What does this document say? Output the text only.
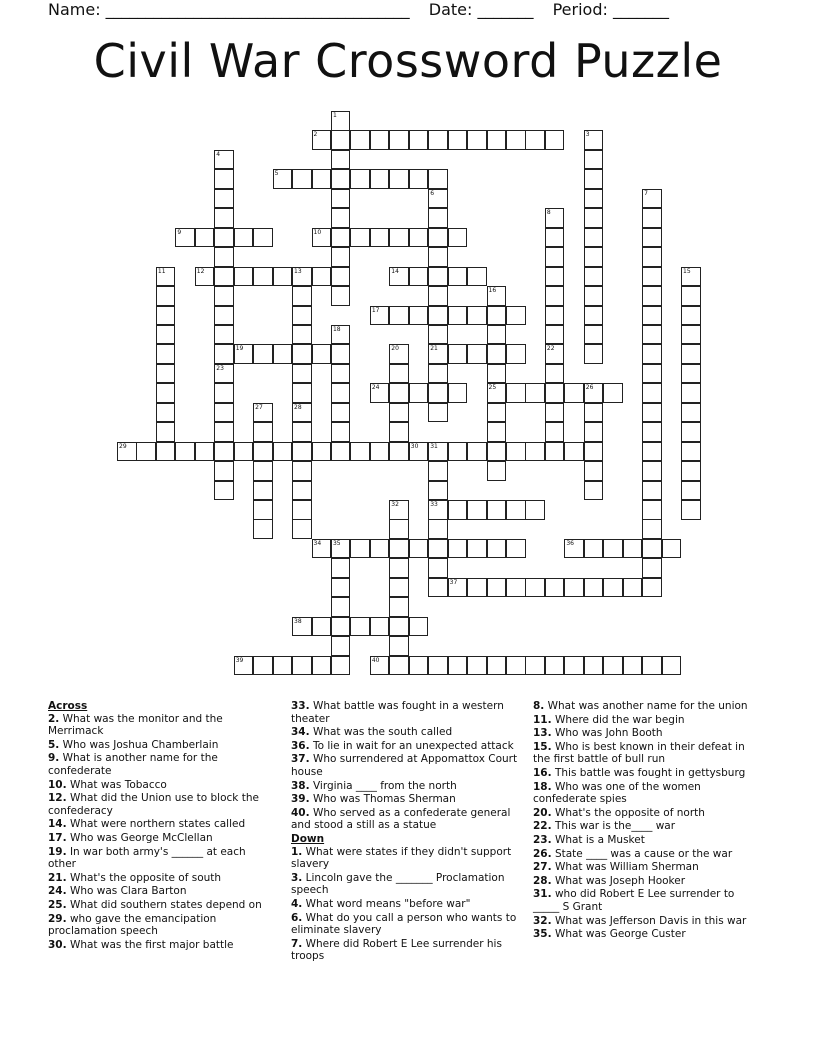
Name: ______________________________________ Date: _______ Period: _______
Civil War Crossword Puzzle
1
2	3
4
5
6	7
8
9	10
11	12	13	14	15
16
17
18
19	20	21	22
23
24	25	26
27	28
29	30 31
32	33
34 35	36
37
38
39	40
Across
2. What was the monitor and the Merrimack
5. Who was Joshua Chamberlain
9. What is another name for the confederate
10. What was Tobacco
12. What did the Union use to block the confederacy
14. What were northern states called
17. Who was George McClellan
19. In war both army's ______ at each other
21. What's the opposite of south
24. Who was Clara Barton
25. What did southern states depend on
29. who gave the emancipation proclamation speech
30. What was the first major battle
33. What battle was fought in a western theater
34. What was the south called
36. To lie in wait for an unexpected attack
37. Who surrendered at Appomattox Court house
38. Virginia ____ from the north
39. Who was Thomas Sherman
40. Who served as a confederate general and stood a still as a statue
Down
1. What were states if they didn't support slavery
3. Lincoln gave the _______ Proclamation speech
4. What word means "before war"
6. What do you call a person who wants to eliminate slavery
7. Where did Robert E Lee surrender his troops
8. What was another name for the union
11. Where did the war begin
13. Who was John Booth
15. Who is best known in their defeat in the first battle of bull run
16. This battle was fought in gettysburg
18. Who was one of the women confederate spies
20. What's the opposite of north
22. This war is the____ war
23. What is a Musket
26. State ____ was a cause or the war
27. What was William Sherman
28. What was Joseph Hooker
31. who did Robert E Lee surrender to _____ S Grant
32. What was Jefferson Davis in this war
35. What was George Custer
